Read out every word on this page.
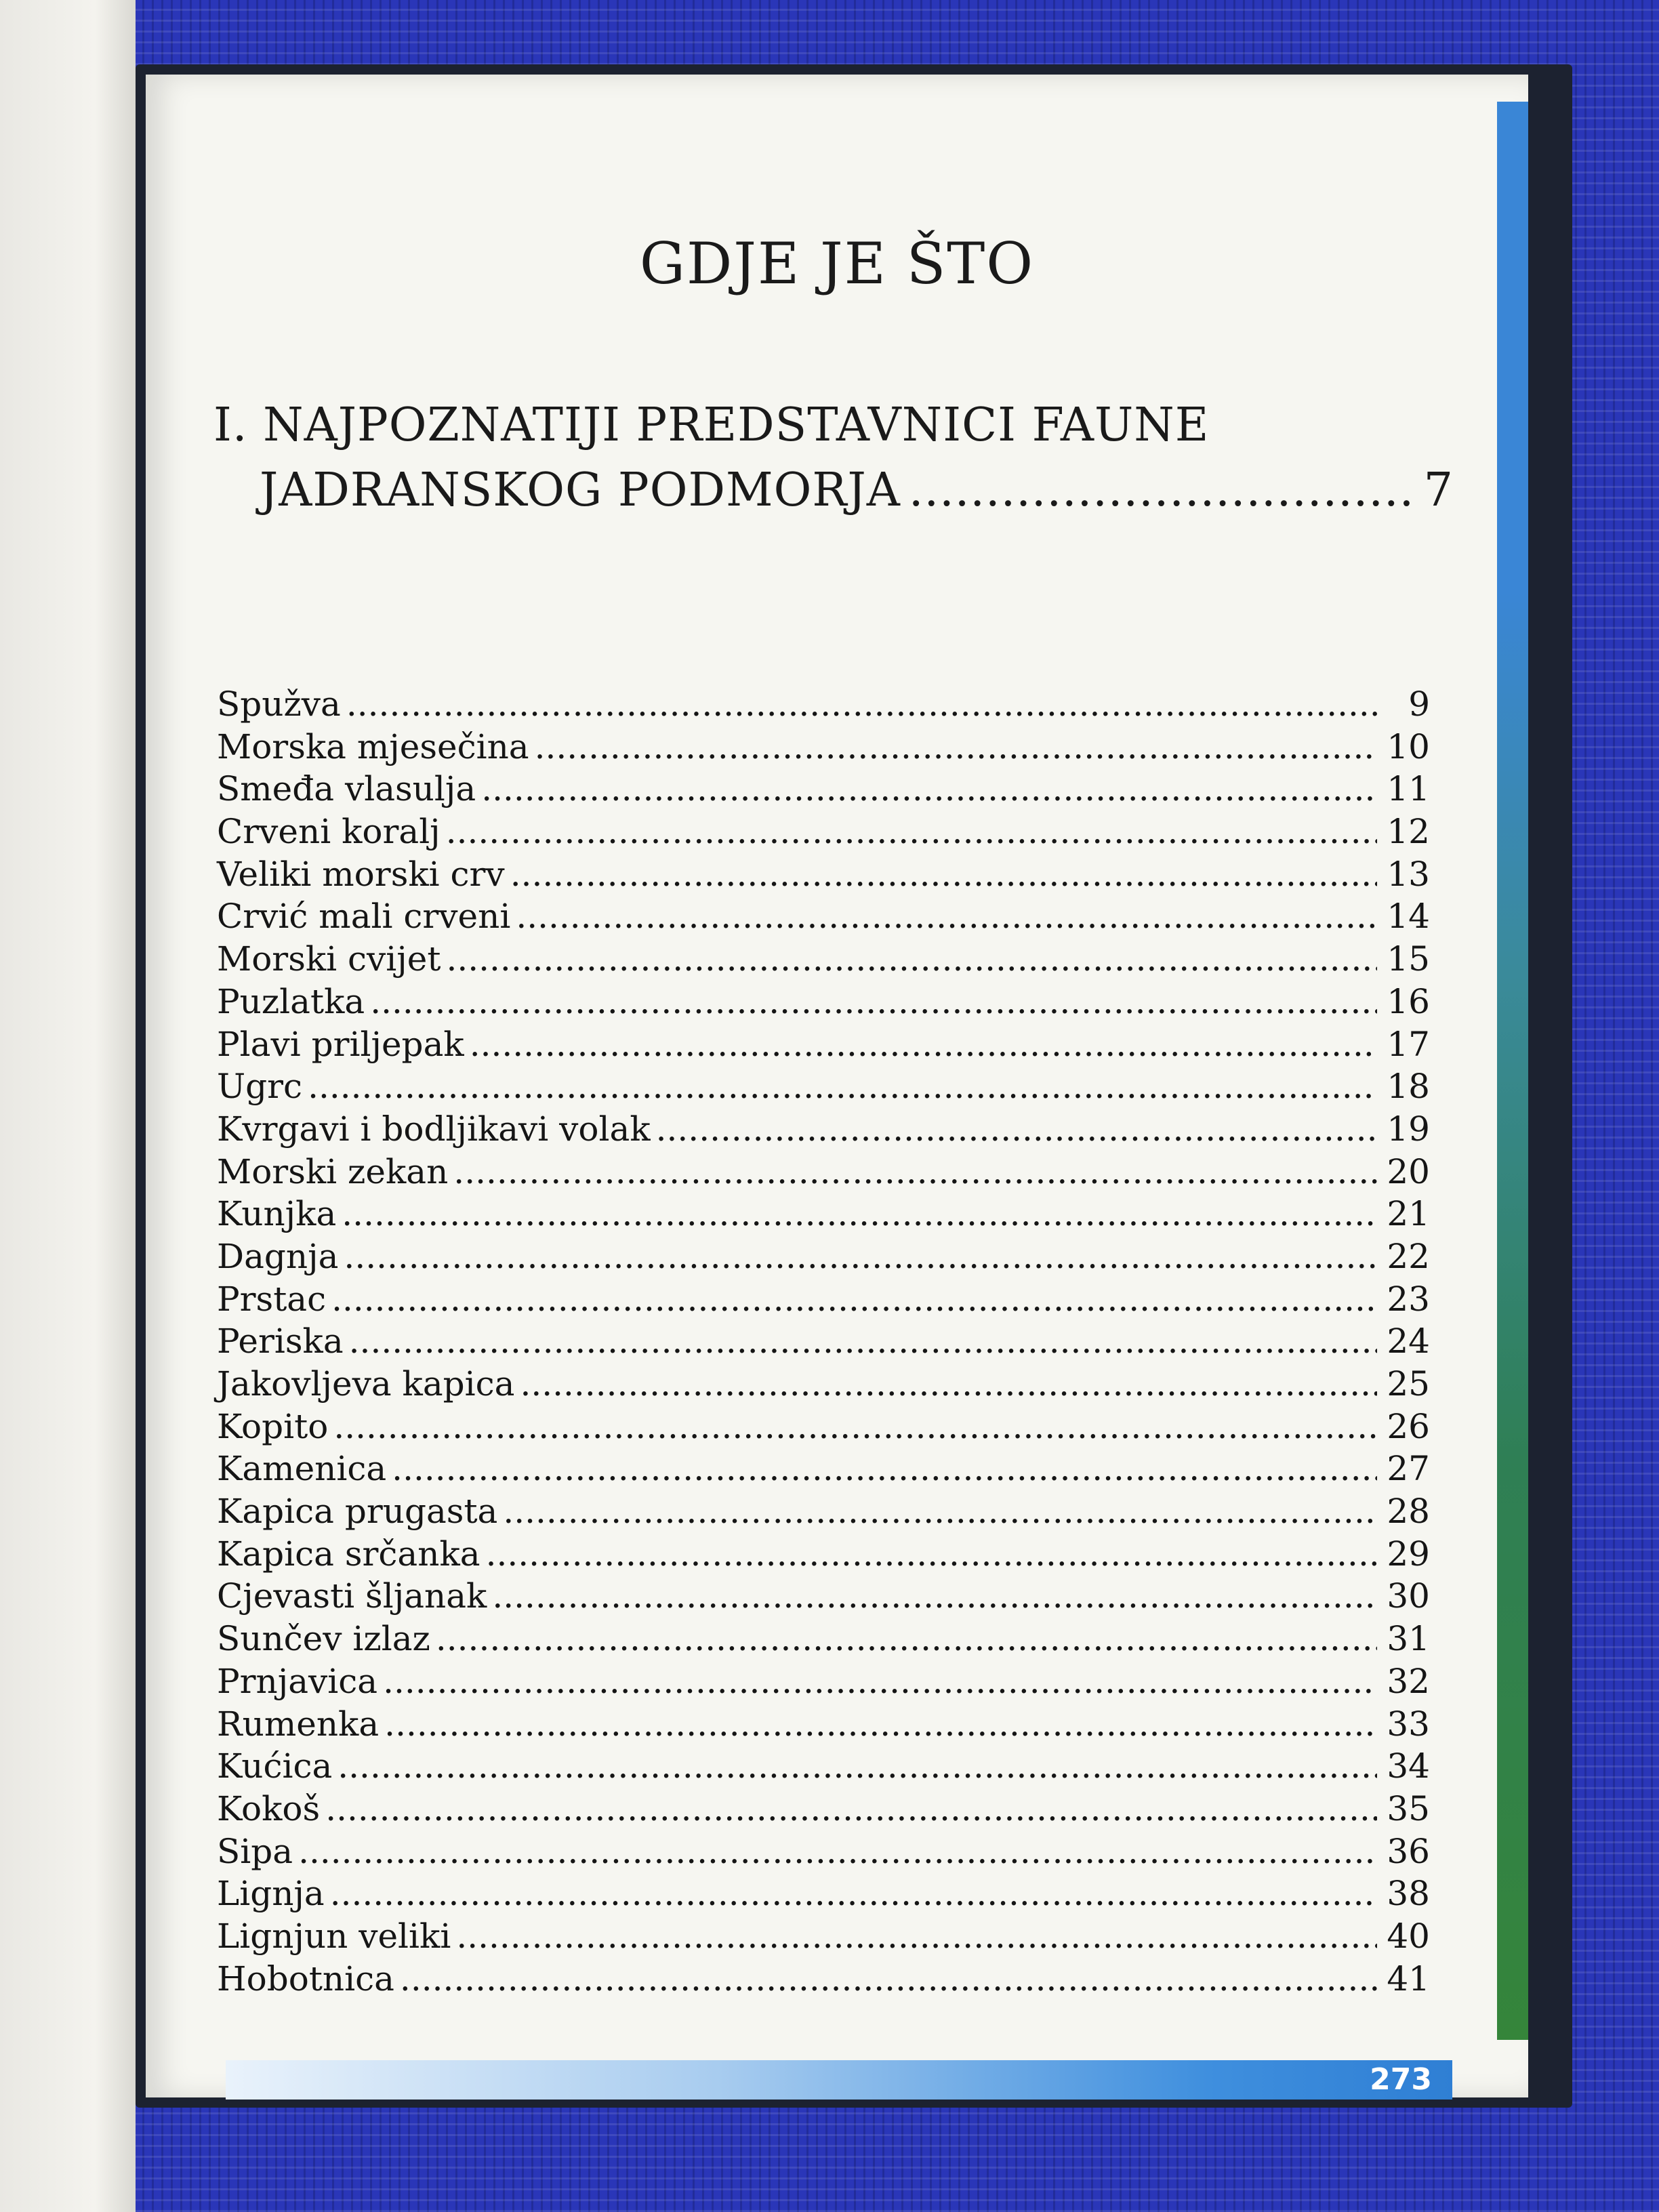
GDJE JE ŠTO
I. NAJPOZNATIJI PREDSTAVNICI FAUNE
JADRANSKOG PODMORJA .....	7
Spužva .....	9
Morska mjesečina .....	10
Smeđa vlasulja .....	11
Crveni koralj .....	12
Veliki morski crv .....	13
Crvić mali crveni .....	14
Morski cvijet .....	15
Puzlatka .....	16
Plavi priljepak .....	17
Ugrc .....	18
Kvrgavi i bodljikavi volak .....	19
Morski zekan .....	20
Kunjka .....	21
Dagnja .....	22
Prstac .....	23
Periska .....	24
Jakovljeva kapica .....	25
Kopito .....	26
Kamenica .....	27
Kapica prugasta .....	28
Kapica srčanka .....	29
Cjevasti šljanak .....	30
Sunčev izlaz .....	31
Prnjavica .....	32
Rumenka .....	33
Kućica .....	34
Kokoš .....	35
Sipa .....	36
Lignja .....	38
Lignjun veliki .....	40
Hobotnica .....	41
273
